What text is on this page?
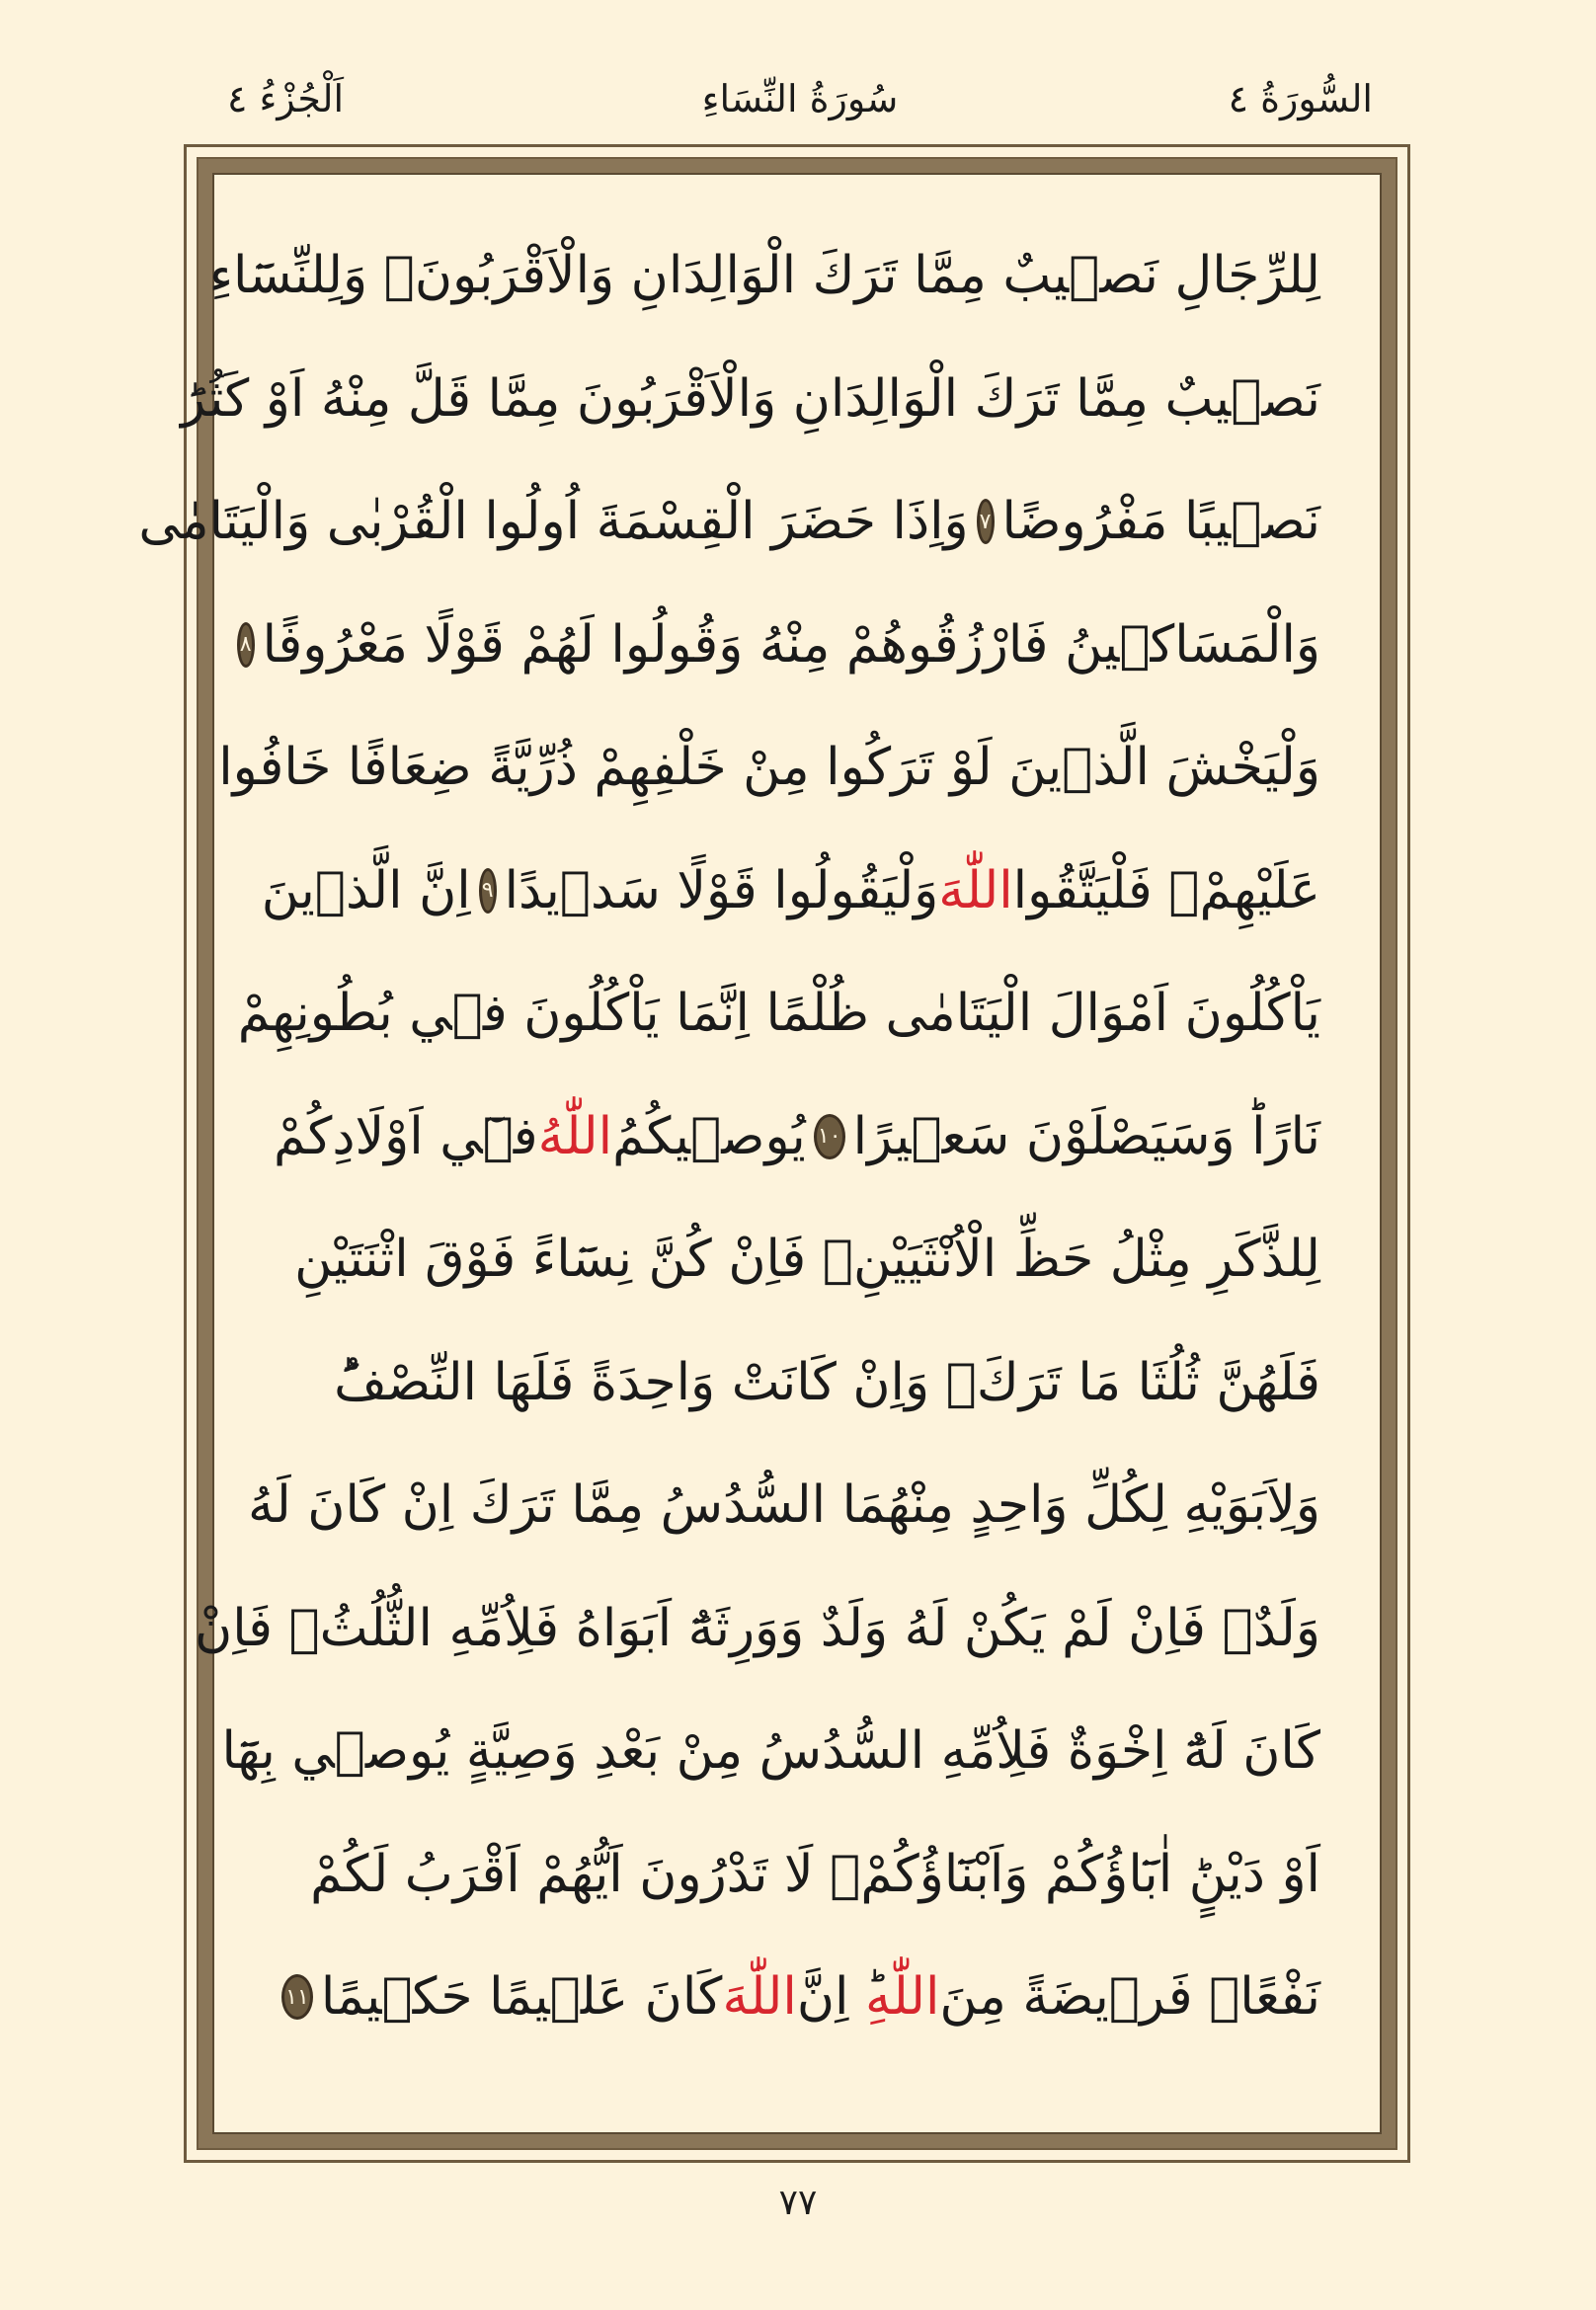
السُّورَةُ ٤
سُورَةُ النِّسَاءِ
اَلْجُزْءُ ٤
لِلرِّجَالِ نَص۪يبٌ مِمَّا تَرَكَ الْوَالِدَانِ وَالْاَقْرَبُونَۖ وَلِلنِّسَٓاءِ
نَص۪يبٌ مِمَّا تَرَكَ الْوَالِدَانِ وَالْاَقْرَبُونَ مِمَّا قَلَّ مِنْهُ اَوْ كَثُرَؕ
نَص۪يبًا مَفْرُوضًا
٧
وَاِذَا حَضَرَ الْقِسْمَةَ اُولُوا الْقُرْبٰى وَالْيَتَامٰى
وَالْمَسَاك۪ينُ فَارْزُقُوهُمْ مِنْهُ وَقُولُوا لَهُمْ قَوْلًا مَعْرُوفًا
٨
وَلْيَخْشَ الَّذ۪ينَ لَوْ تَرَكُوا مِنْ خَلْفِهِمْ ذُرِّيَّةً ضِعَافًا خَافُوا
عَلَيْهِمْۖ فَلْيَتَّقُوا
اللّٰهَ
وَلْيَقُولُوا قَوْلًا سَد۪يدًا
٩
اِنَّ الَّذ۪ينَ
يَاْكُلُونَ اَمْوَالَ الْيَتَامٰى ظُلْمًا اِنَّمَا يَاْكُلُونَ ف۪ي بُطُونِهِمْ
نَارًاؕ وَسَيَصْلَوْنَ سَع۪يرًا
١٠
يُوص۪يكُمُ
اللّٰهُ
ف۪ٓي اَوْلَادِكُمْ
لِلذَّكَرِ مِثْلُ حَظِّ الْاُنْثَيَيْنِۚ فَاِنْ كُنَّ نِسَٓاءً فَوْقَ اثْنَتَيْنِ
فَلَهُنَّ ثُلُثَا مَا تَرَكَۚ وَاِنْ كَانَتْ وَاحِدَةً فَلَهَا النِّصْفُؕ
وَلِاَبَوَيْهِ لِكُلِّ وَاحِدٍ مِنْهُمَا السُّدُسُ مِمَّا تَرَكَ اِنْ كَانَ لَهُ
وَلَدٌۚ فَاِنْ لَمْ يَكُنْ لَهُ وَلَدٌ وَوَرِثَهُٓ اَبَوَاهُ فَلِاُمِّهِ الثُّلُثُۚ فَاِنْ
كَانَ لَهُٓ اِخْوَةٌ فَلِاُمِّهِ السُّدُسُ مِنْ بَعْدِ وَصِيَّةٍ يُوص۪ي بِهَٓا
اَوْ دَيْنٍؕ اٰبَٓاؤُكُمْ وَاَبْنَٓاؤُكُمْۚ لَا تَدْرُونَ اَيُّهُمْ اَقْرَبُ لَكُمْ
نَفْعًاۜ فَر۪يضَةً مِنَ
اللّٰهِ
ؕ اِنَّ
اللّٰهَ
كَانَ عَل۪يمًا حَك۪يمًا
١١
٧٧
